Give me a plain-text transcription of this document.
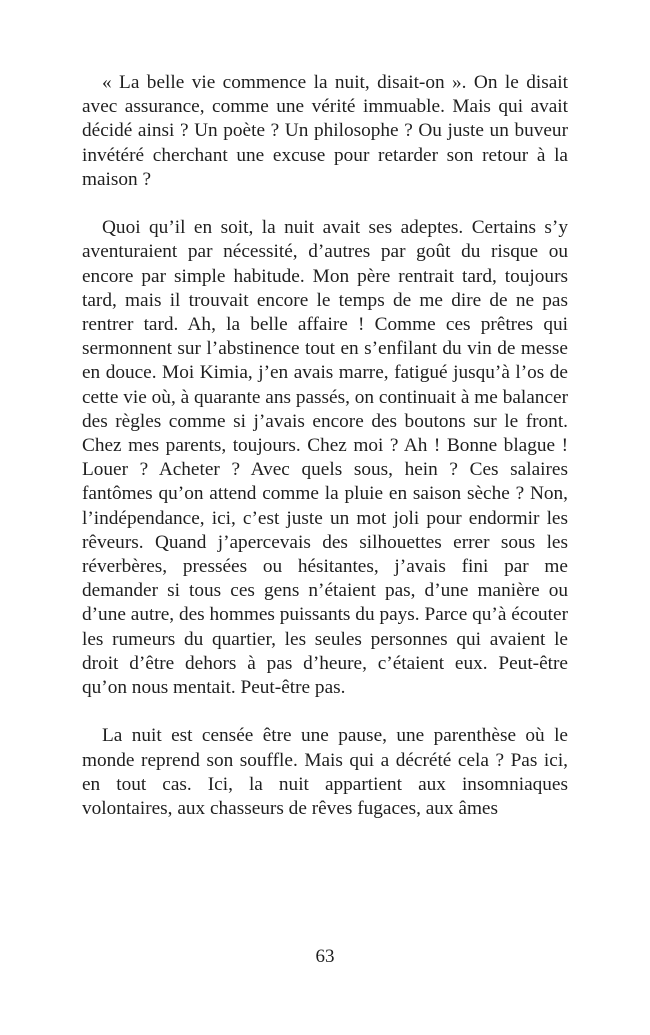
« La belle vie commence la nuit, disait-on ». On le disait avec assurance, comme une vérité immuable. Mais qui avait décidé ainsi ? Un poète ? Un philosophe ? Ou juste un buveur invétéré cherchant une excuse pour retarder son retour à la maison ?

Quoi qu’il en soit, la nuit avait ses adeptes. Certains s’y aventuraient par nécessité, d’autres par goût du risque ou encore par simple habitude. Mon père rentrait tard, toujours tard, mais il trouvait encore le temps de me dire de ne pas rentrer tard. Ah, la belle affaire ! Comme ces prêtres qui sermonnent sur l’abstinence tout en s’enfilant du vin de messe en douce. Moi Kimia, j’en avais marre, fatigué jusqu’à l’os de cette vie où, à quarante ans passés, on continuait à me balancer des règles comme si j’avais encore des boutons sur le front. Chez mes parents, toujours. Chez moi ? Ah ! Bonne blague ! Louer ? Acheter ? Avec quels sous, hein ? Ces salaires fantômes qu’on attend comme la pluie en saison sèche ? Non, l’indépendance, ici, c’est juste un mot joli pour endormir les rêveurs. Quand j’apercevais des silhouettes errer sous les réverbères, pressées ou hésitantes, j’avais fini par me demander si tous ces gens n’étaient pas, d’une manière ou d’une autre, des hommes puissants du pays. Parce qu’à écouter les rumeurs du quartier, les seules personnes qui avaient le droit d’être dehors à pas d’heure, c’étaient eux. Peut-être qu’on nous mentait. Peut-être pas.

La nuit est censée être une pause, une parenthèse où le monde reprend son souffle. Mais qui a décrété cela ? Pas ici, en tout cas. Ici, la nuit appartient aux insomniaques volontaires, aux chasseurs de rêves fugaces, aux âmes

63
